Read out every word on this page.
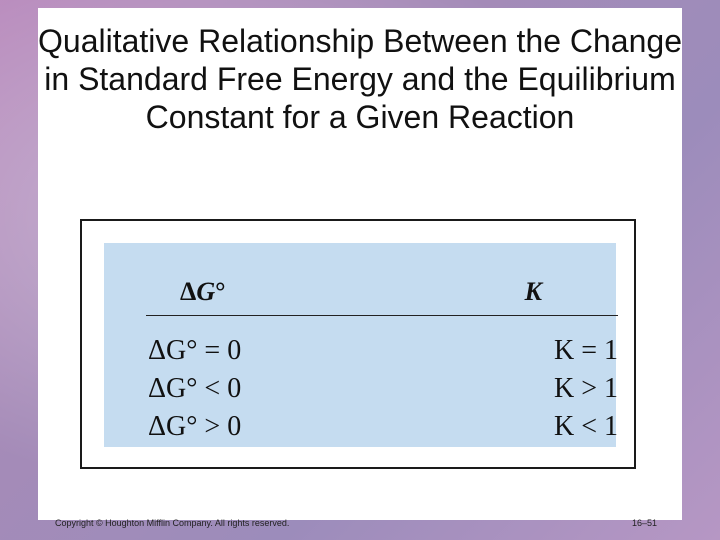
Qualitative Relationship Between the Change in Standard Free Energy and the Equilibrium Constant for a Given Reaction
ΔG°	K
ΔG° = 0	K = 1
ΔG° < 0	K > 1
ΔG° > 0	K < 1
Copyright © Houghton Mifflin Company. All rights reserved.	16–51
